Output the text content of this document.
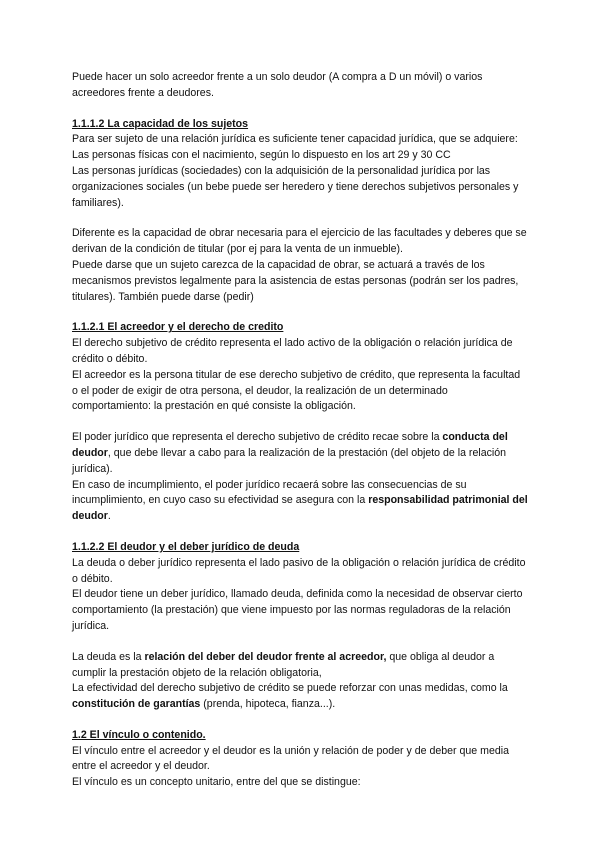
Puede hacer un solo acreedor frente a un solo deudor (A compra a D un móvil) o varios acreedores frente a deudores.

1.1.1.2 La capacidad de los sujetos

Para ser sujeto de una relación jurídica es suficiente tener capacidad jurídica, que se adquiere:

Las personas físicas con el nacimiento, según lo dispuesto en los art 29 y 30 CC

Las personas jurídicas (sociedades) con la adquisición de la personalidad jurídica por las organizaciones sociales (un bebe puede ser heredero y tiene derechos subjetivos personales y familiares).

Diferente es la capacidad de obrar necesaria para el ejercicio de las facultades y deberes que se derivan de la condición de titular (por ej para la venta de un inmueble).

Puede darse que un sujeto carezca de la capacidad de obrar, se actuará a través de los mecanismos previstos legalmente para la asistencia de estas personas (podrán ser los padres, titulares). También puede darse (pedir)

1.1.2.1 El acreedor y el derecho de credito

El derecho subjetivo de crédito representa el lado activo de la obligación o relación jurídica de crédito o débito.

El acreedor es la persona titular de ese derecho subjetivo de crédito, que representa la facultad o el poder de exigir de otra persona, el deudor, la realización de un determinado comportamiento: la prestación en qué consiste la obligación.

El poder jurídico que representa el derecho subjetivo de crédito recae sobre la conducta del deudor, que debe llevar a cabo para la realización de la prestación (del objeto de la relación jurídica).

En caso de incumplimiento, el poder jurídico recaerá sobre las consecuencias de su incumplimiento, en cuyo caso su efectividad se asegura con la responsabilidad patrimonial del deudor.

1.1.2.2 El deudor y el deber jurídico de deuda

La deuda o deber jurídico representa el lado pasivo de la obligación o relación jurídica de crédito o débito.

El deudor tiene un deber jurídico, llamado deuda, definida como la necesidad de observar cierto comportamiento (la prestación) que viene impuesto por las normas reguladoras de la relación jurídica.

La deuda es la relación del deber del deudor frente al acreedor, que obliga al deudor a cumplir la prestación objeto de la relación obligatoria,

La efectividad del derecho subjetivo de crédito se puede reforzar con unas medidas, como la constitución de garantías (prenda, hipoteca, fianza...).

1.2 El vínculo o contenido.

El vínculo entre el acreedor y el deudor es la unión y relación de poder y de deber que media entre el acreedor y el deudor.

El vínculo es un concepto unitario, entre del que se distingue:
